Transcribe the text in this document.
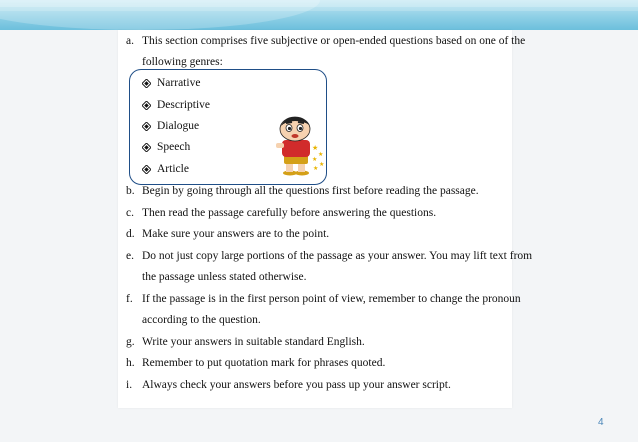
a. This section comprises five subjective or open-ended questions based on one of the
following genres:
Narrative
Descriptive
Dialogue
Speech
Article
★
★
★
★
★
b. Begin by going through all the questions first before reading the passage.
c. Then read the passage carefully before answering the questions.
d. Make sure your answers are to the point.
e. Do not just copy large portions of the passage as your answer. You may lift text from
the passage unless stated otherwise.
f. If the passage is in the first person point of view, remember to change the pronoun
according to the question.
g. Write your answers in suitable standard English.
h. Remember to put quotation mark for phrases quoted.
i. Always check your answers before you pass up your answer script.
4
